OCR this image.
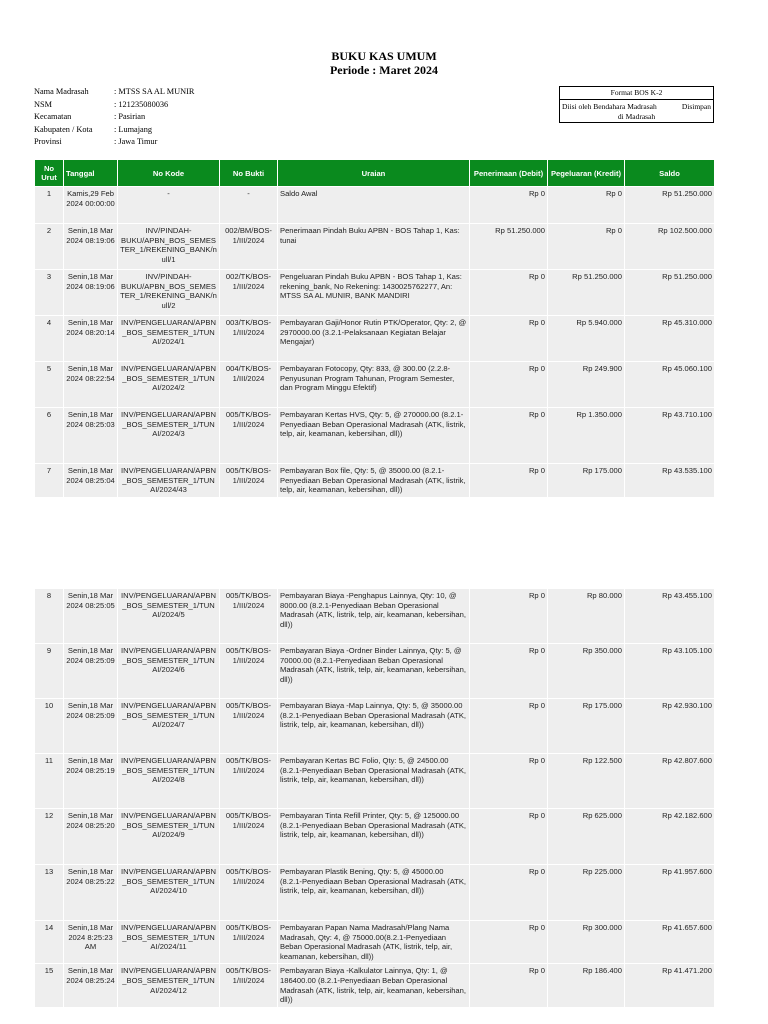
BUKU KAS UMUM
Periode : Maret 2024
Nama Madrasah	: MTSS SA AL MUNIR
NSM	: 121235080036
Kecamatan	: Pasirian
Kabupaten / Kota	: Lumajang
Provinsi	: Jawa Timur
Format BOS K-2
Diisi oleh Bendahara Madrasah	Disimpan
di Madrasah
No Urut	Tanggal	No Kode	No Bukti	Uraian	Penerimaan (Debit)	Pegeluaran (Kredit)	Saldo
1	Kamis,29 Feb 2024 00:00:00	-	-	Saldo Awal	Rp 0	Rp 0	Rp 51.250.000
2	Senin,18 Mar 2024 08:19:06	INV/PINDAH-BUKU/APBN_BOS_SEMESTER_1/REKENING_BANK/null/1	002/BM/BOS-1/III/2024	Penerimaan Pindah Buku APBN - BOS Tahap 1, Kas: tunai	Rp 51.250.000	Rp 0	Rp 102.500.000
3	Senin,18 Mar 2024 08:19:06	INV/PINDAH-BUKU/APBN_BOS_SEMESTER_1/REKENING_BANK/null/2	002/TK/BOS-1/III/2024	Pengeluaran Pindah Buku APBN - BOS Tahap 1, Kas: rekening_bank, No Rekening: 1430025762277, An: MTSS SA AL MUNIR, BANK MANDIRI	Rp 0	Rp 51.250.000	Rp 51.250.000
4	Senin,18 Mar 2024 08:20:14	INV/PENGELUARAN/APBN_BOS_SEMESTER_1/TUNAI/2024/1	003/TK/BOS-1/III/2024	Pembayaran Gaji/Honor Rutin PTK/Operator, Qty: 2, @ 2970000.00 (3.2.1-Pelaksanaan Kegiatan Belajar Mengajar)	Rp 0	Rp 5.940.000	Rp 45.310.000
5	Senin,18 Mar 2024 08:22:54	INV/PENGELUARAN/APBN_BOS_SEMESTER_1/TUNAI/2024/2	004/TK/BOS-1/III/2024	Pembayaran Fotocopy, Qty: 833, @ 300.00 (2.2.8-Penyusunan Program Tahunan, Program Semester, dan Program Minggu Efektif)	Rp 0	Rp 249.900	Rp 45.060.100
6	Senin,18 Mar 2024 08:25:03	INV/PENGELUARAN/APBN_BOS_SEMESTER_1/TUNAI/2024/3	005/TK/BOS-1/III/2024	Pembayaran Kertas HVS, Qty: 5, @ 270000.00 (8.2.1-Penyediaan Beban Operasional Madrasah (ATK, listrik, telp, air, keamanan, kebersihan, dll))	Rp 0	Rp 1.350.000	Rp 43.710.100
7	Senin,18 Mar 2024 08:25:04	INV/PENGELUARAN/APBN_BOS_SEMESTER_1/TUNAI/2024/43	005/TK/BOS-1/III/2024	Pembayaran Box file, Qty: 5, @ 35000.00 (8.2.1-Penyediaan Beban Operasional Madrasah (ATK, listrik, telp, air, keamanan, kebersihan, dll))	Rp 0	Rp 175.000	Rp 43.535.100
8	Senin,18 Mar 2024 08:25:05	INV/PENGELUARAN/APBN_BOS_SEMESTER_1/TUNAI/2024/5	005/TK/BOS-1/III/2024	Pembayaran Biaya -Penghapus Lainnya, Qty: 10, @ 8000.00 (8.2.1-Penyediaan Beban Operasional Madrasah (ATK, listrik, telp, air, keamanan, kebersihan, dll))	Rp 0	Rp 80.000	Rp 43.455.100
9	Senin,18 Mar 2024 08:25:09	INV/PENGELUARAN/APBN_BOS_SEMESTER_1/TUNAI/2024/6	005/TK/BOS-1/III/2024	Pembayaran Biaya -Ordner Binder Lainnya, Qty: 5, @ 70000.00 (8.2.1-Penyediaan Beban Operasional Madrasah (ATK, listrik, telp, air, keamanan, kebersihan, dll))	Rp 0	Rp 350.000	Rp 43.105.100
10	Senin,18 Mar 2024 08:25:09	INV/PENGELUARAN/APBN_BOS_SEMESTER_1/TUNAI/2024/7	005/TK/BOS-1/III/2024	Pembayaran Biaya -Map Lainnya, Qty: 5, @ 35000.00 (8.2.1-Penyediaan Beban Operasional Madrasah (ATK, listrik, telp, air, keamanan, kebersihan, dll))	Rp 0	Rp 175.000	Rp 42.930.100
11	Senin,18 Mar 2024 08:25:19	INV/PENGELUARAN/APBN_BOS_SEMESTER_1/TUNAI/2024/8	005/TK/BOS-1/III/2024	Pembayaran Kertas BC Folio, Qty: 5, @ 24500.00 (8.2.1-Penyediaan Beban Operasional Madrasah (ATK, listrik, telp, air, keamanan, kebersihan, dll))	Rp 0	Rp 122.500	Rp 42.807.600
12	Senin,18 Mar 2024 08:25:20	INV/PENGELUARAN/APBN_BOS_SEMESTER_1/TUNAI/2024/9	005/TK/BOS-1/III/2024	Pembayaran Tinta Refill Printer, Qty: 5, @ 125000.00 (8.2.1-Penyediaan Beban Operasional Madrasah (ATK, listrik, telp, air, keamanan, kebersihan, dll))	Rp 0	Rp 625.000	Rp 42.182.600
13	Senin,18 Mar 2024 08:25:22	INV/PENGELUARAN/APBN_BOS_SEMESTER_1/TUNAI/2024/10	005/TK/BOS-1/III/2024	Pembayaran Plastik Bening, Qty: 5, @ 45000.00 (8.2.1-Penyediaan Beban Operasional Madrasah (ATK, listrik, telp, air, keamanan, kebersihan, dll))	Rp 0	Rp 225.000	Rp 41.957.600
14	Senin,18 Mar 2024 8:25:23 AM	INV/PENGELUARAN/APBN_BOS_SEMESTER_1/TUNAI/2024/11	005/TK/BOS-1/III/2024	Pembayaran Papan Nama Madrasah/Plang Nama Madrasah, Qty: 4, @ 75000.00(8.2.1-Penyediaan Beban Operasional Madrasah (ATK, listrik, telp, air, keamanan, kebersihan, dll))	Rp 0	Rp 300.000	Rp 41.657.600
15	Senin,18 Mar 2024 08:25:24	INV/PENGELUARAN/APBN_BOS_SEMESTER_1/TUNAI/2024/12	005/TK/BOS-1/III/2024	Pembayaran Biaya -Kalkulator Lainnya, Qty: 1, @ 186400.00 (8.2.1-Penyediaan Beban Operasional Madrasah (ATK, listrik, telp, air, keamanan, kebersihan, dll))	Rp 0	Rp 186.400	Rp 41.471.200
